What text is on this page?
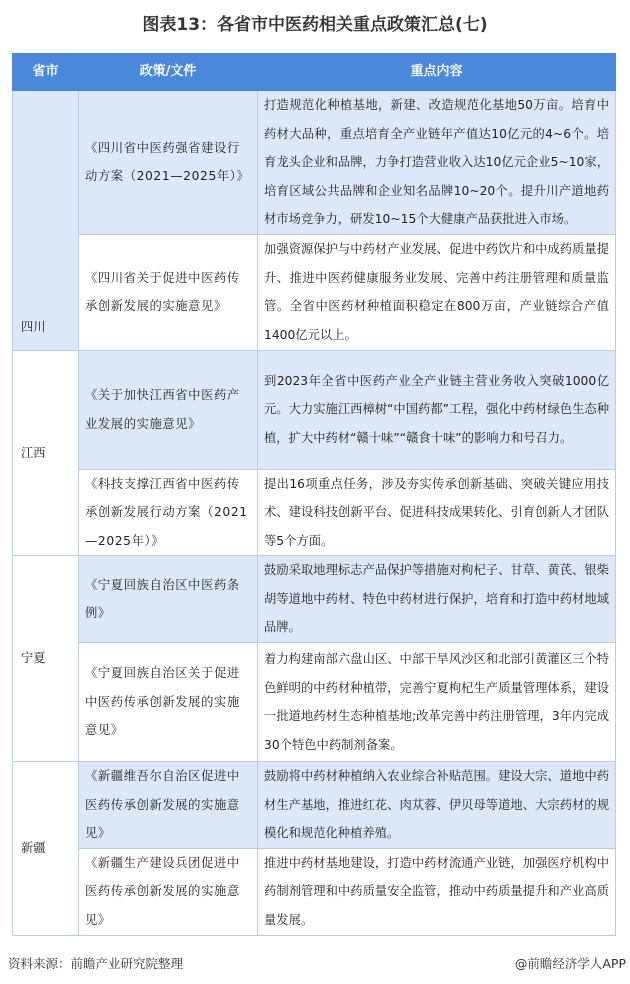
图表13：各省市中医药相关重点政策汇总(七)
省市	政策/文件	重点内容
四川	《四川省中医药强省建设行动方案（2021—2025年）》	打造规范化种植基地，新建、改造规范化基地50万亩。培育中药材大品种，重点培育全产业链年产值达10亿元的4~6个。培育龙头企业和品牌，力争打造营业收入达10亿元企业5~10家，培育区域公共品牌和企业知名品牌10~20个。提升川产道地药材市场竞争力，研发10~15个大健康产品获批进入市场。
	《四川省关于促进中医药传承创新发展的实施意见》	加强资源保护与中药材产业发展、促进中药饮片和中成药质量提升、推进中医药健康服务业发展、完善中药注册管理和质量监管。全省中医药材种植面积稳定在800万亩，产业链综合产值1400亿元以上。
江西	《关于加快江西省中医药产业发展的实施意见》	到2023年全省中医药产业全产业链主营业务收入突破1000亿元。大力实施江西樟树“中国药都”工程，强化中药材绿色生态种植，扩大中药材“赣十味”“赣食十味”的影响力和号召力。
	《科技支撑江西省中医药传承创新发展行动方案（2021—2025年）》	提出16项重点任务，涉及夯实传承创新基础、突破关键应用技术、建设科技创新平台、促进科技成果转化、引育创新人才团队等5个方面。
宁夏	《宁夏回族自治区中医药条例》	鼓励采取地理标志产品保护等措施对枸杞子、甘草、黄芪、银柴胡等道地中药材、特色中药材进行保护，培育和打造中药材地域品牌。
	《宁夏回族自治区关于促进中医药传承创新发展的实施意见》	着力构建南部六盘山区、中部干旱风沙区和北部引黄灌区三个特色鲜明的中药材种植带，完善宁夏枸杞生产质量管理体系，建设一批道地药材生态种植基地;改革完善中药注册管理，3年内完成30个特色中药制剂备案。
新疆	《新疆维吾尔自治区促进中医药传承创新发展的实施意见》	鼓励将中药材种植纳入农业综合补贴范围。建设大宗、道地中药材生产基地，推进红花、肉苁蓉、伊贝母等道地、大宗药材的规模化和规范化种植养殖。
	《新疆生产建设兵团促进中医药传承创新发展的实施意见》	推进中药材基地建设，打造中药材流通产业链，加强医疗机构中药制剂管理和中药质量安全监管，推动中药质量提升和产业高质量发展。
资料来源：前瞻产业研究院整理	@前瞻经济学人APP
